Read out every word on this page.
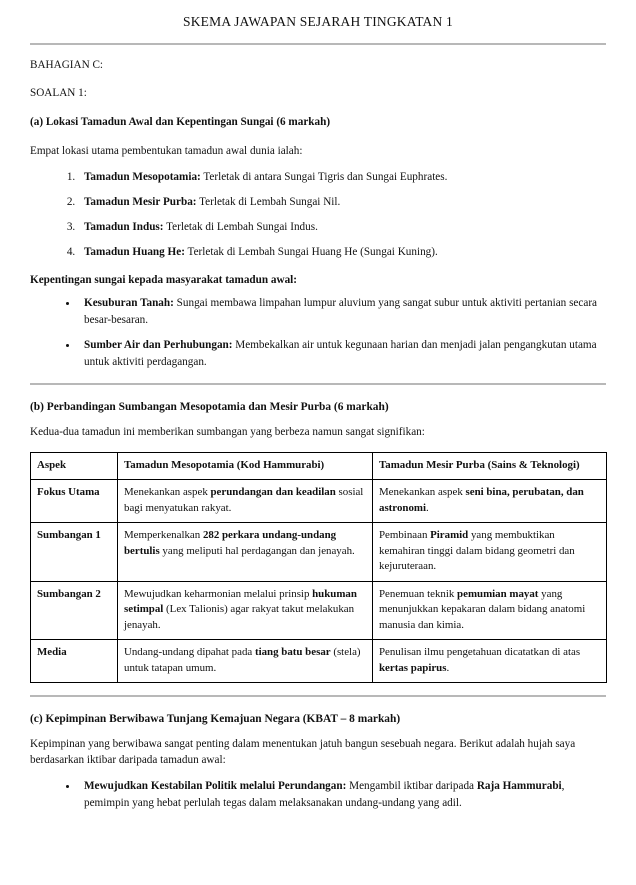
SKEMA JAWAPAN SEJARAH TINGKATAN 1

BAHAGIAN C:

SOALAN 1:

(a) Lokasi Tamadun Awal dan Kepentingan Sungai (6 markah)

Empat lokasi utama pembentukan tamadun awal dunia ialah:

1. Tamadun Mesopotamia: Terletak di antara Sungai Tigris dan Sungai Euphrates.
2. Tamadun Mesir Purba: Terletak di Lembah Sungai Nil.
3. Tamadun Indus: Terletak di Lembah Sungai Indus.
4. Tamadun Huang He: Terletak di Lembah Sungai Huang He (Sungai Kuning).

Kepentingan sungai kepada masyarakat tamadun awal:

• Kesuburan Tanah: Sungai membawa limpahan lumpur aluvium yang sangat subur untuk aktiviti pertanian secara besar-besaran.
• Sumber Air dan Perhubungan: Membekalkan air untuk kegunaan harian dan menjadi jalan pengangkutan utama untuk aktiviti perdagangan.

(b) Perbandingan Sumbangan Mesopotamia dan Mesir Purba (6 markah)

Kedua-dua tamadun ini memberikan sumbangan yang berbeza namun sangat signifikan:

Aspek	Tamadun Mesopotamia (Kod Hammurabi)	Tamadun Mesir Purba (Sains & Teknologi)
Fokus Utama	Menekankan aspek perundangan dan keadilan sosial bagi menyatukan rakyat.	Menekankan aspek seni bina, perubatan, dan astronomi.
Sumbangan 1	Memperkenalkan 282 perkara undang-undang bertulis yang meliputi hal perdagangan dan jenayah.	Pembinaan Piramid yang membuktikan kemahiran tinggi dalam bidang geometri dan kejuruteraan.
Sumbangan 2	Mewujudkan keharmonian melalui prinsip hukuman setimpal (Lex Talionis) agar rakyat takut melakukan jenayah.	Penemuan teknik pemumian mayat yang menunjukkan kepakaran dalam bidang anatomi manusia dan kimia.
Media	Undang-undang dipahat pada tiang batu besar (stela) untuk tatapan umum.	Penulisan ilmu pengetahuan dicatatkan di atas kertas papirus.

(c) Kepimpinan Berwibawa Tunjang Kemajuan Negara (KBAT – 8 markah)

Kepimpinan yang berwibawa sangat penting dalam menentukan jatuh bangun sesebuah negara. Berikut adalah hujah saya berdasarkan iktibar daripada tamadun awal:

• Mewujudkan Kestabilan Politik melalui Perundangan: Mengambil iktibar daripada Raja Hammurabi, pemimpin yang hebat perlulah tegas dalam melaksanakan undang-undang yang adil.
